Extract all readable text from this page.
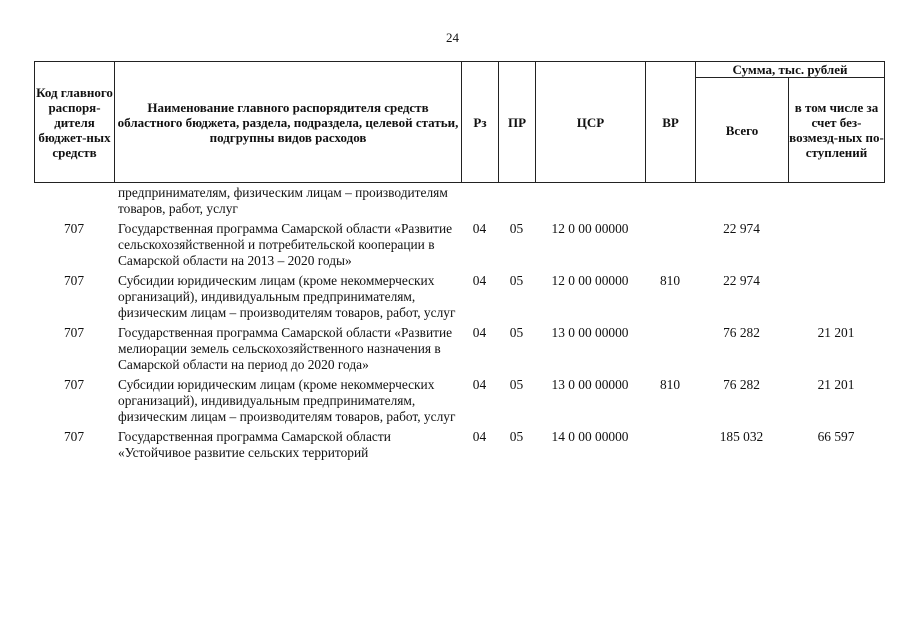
24
Код главного распоря-дителя бюджет-ных средств	Наименование главного распорядителя средств областного бюджета, раздела, подраздела, целевой статьи, подгрупны видов расходов	Рз	ПР	ЦСР	ВР	Сумма, тыс. рублей	
						Всего	в том числе за счет без-возмезд-ных по-ступлений
	предпринимателям, физическим лицам – производителям товаров, работ, услуг						
707	Государственная программа Самарской области «Развитие сельскохозяйственной и потребительской кооперации в Самарской области на 2013 – 2020 годы»	04	05	12 0 00 00000		22 974	
707	Субсидии юридическим лицам (кроме некоммерческих организаций), индивидуальным предпринимателям, физическим лицам – производителям товаров, работ, услуг	04	05	12 0 00 00000	810	22 974	
707	Государственная программа Самарской области «Развитие мелиорации земель сельскохозяйственного назначения в Самарской области на период до 2020 года»	04	05	13 0 00 00000		76 282	21 201
707	Субсидии юридическим лицам (кроме некоммерческих организаций), индивидуальным предпринимателям, физическим лицам – производителям товаров, работ, услуг	04	05	13 0 00 00000	810	76 282	21 201
707	Государственная программа Самарской области «Устойчивое развитие сельских территорий	04	05	14 0 00 00000		185 032	66 597
